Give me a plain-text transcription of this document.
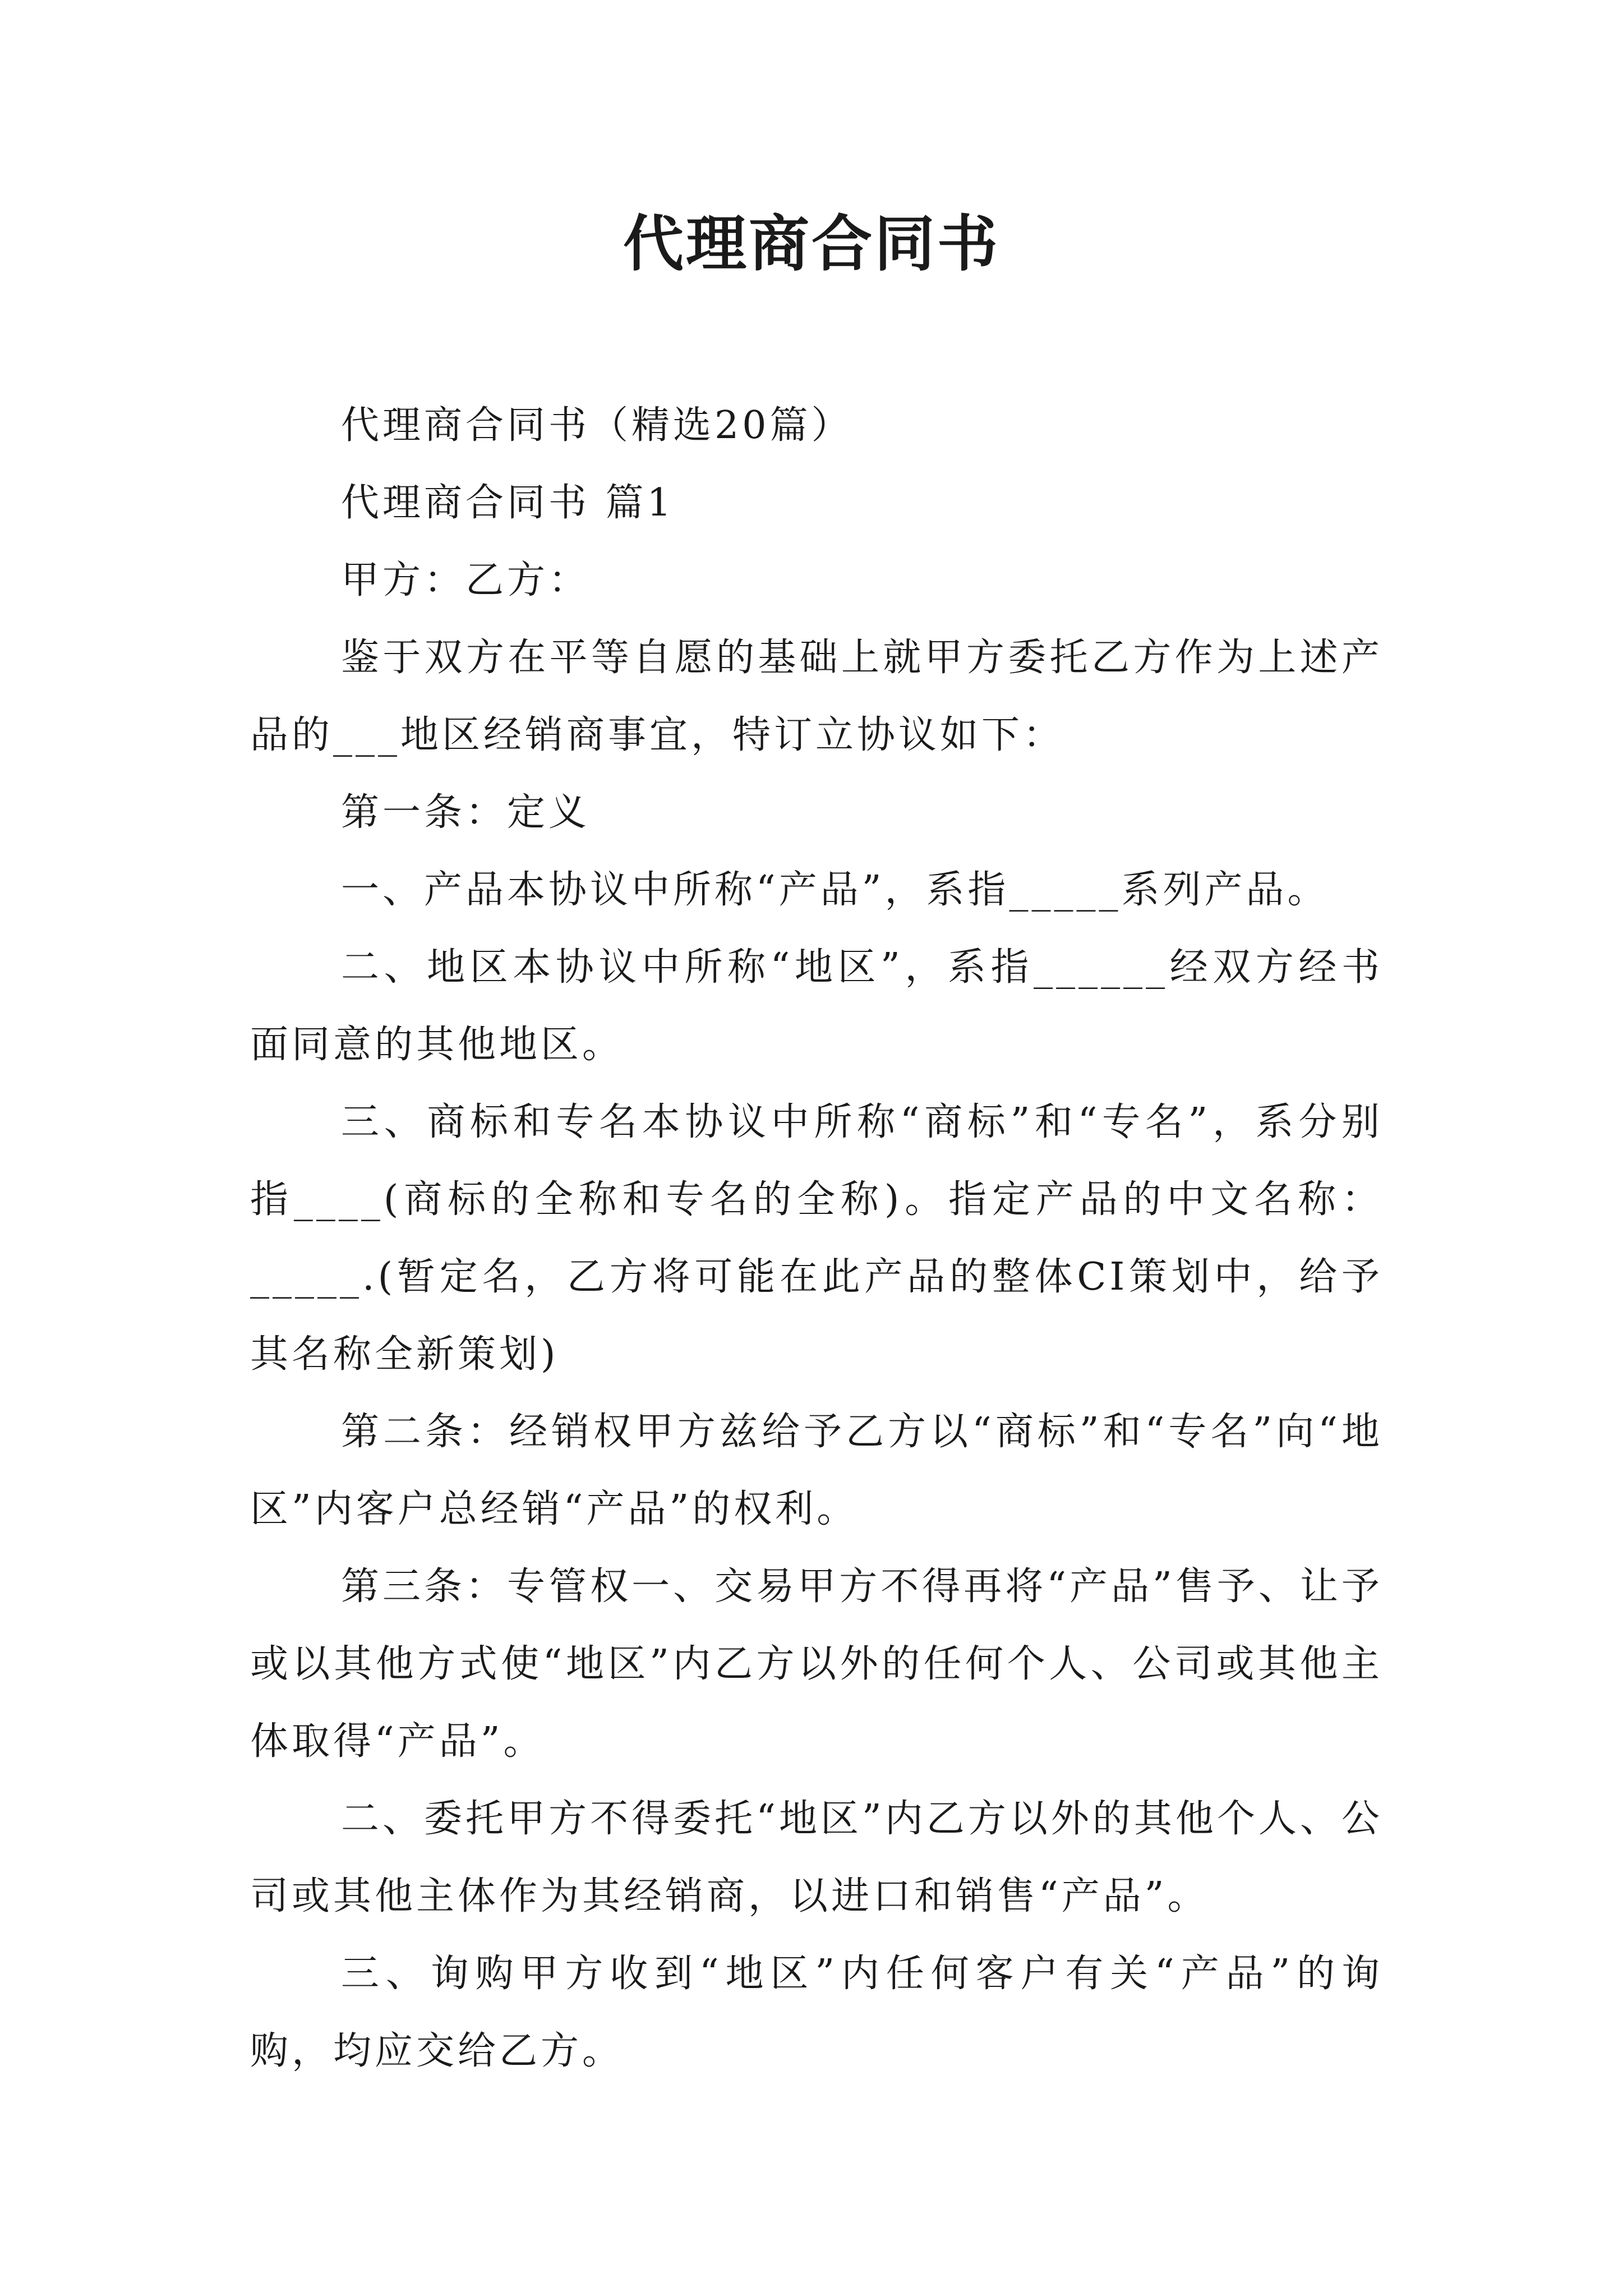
代理商合同书

代理商合同书（精选20篇）

代理商合同书 篇1

甲方：乙方：

鉴于双方在平等自愿的基础上就甲方委托乙方作为上述产品的___地区经销商事宜，特订立协议如下：

第一条：定义

一、产品本协议中所称“产品”，系指_____系列产品。

二、地区本协议中所称“地区”，系指______经双方经书面同意的其他地区。

三、商标和专名本协议中所称“商标”和“专名”，系分别指____(商标的全称和专名的全称)。指定产品的中文名称：_____.(暂定名，乙方将可能在此产品的整体CI策划中，给予其名称全新策划)

第二条：经销权甲方兹给予乙方以“商标”和“专名”向“地区”内客户总经销“产品”的权利。

第三条：专管权一、交易甲方不得再将“产品”售予、让予或以其他方式使“地区”内乙方以外的任何个人、公司或其他主体取得“产品”。

二、委托甲方不得委托“地区”内乙方以外的其他个人、公司或其他主体作为其经销商，以进口和销售“产品”。

三、询购甲方收到“地区”内任何客户有关“产品”的询购，均应交给乙方。
